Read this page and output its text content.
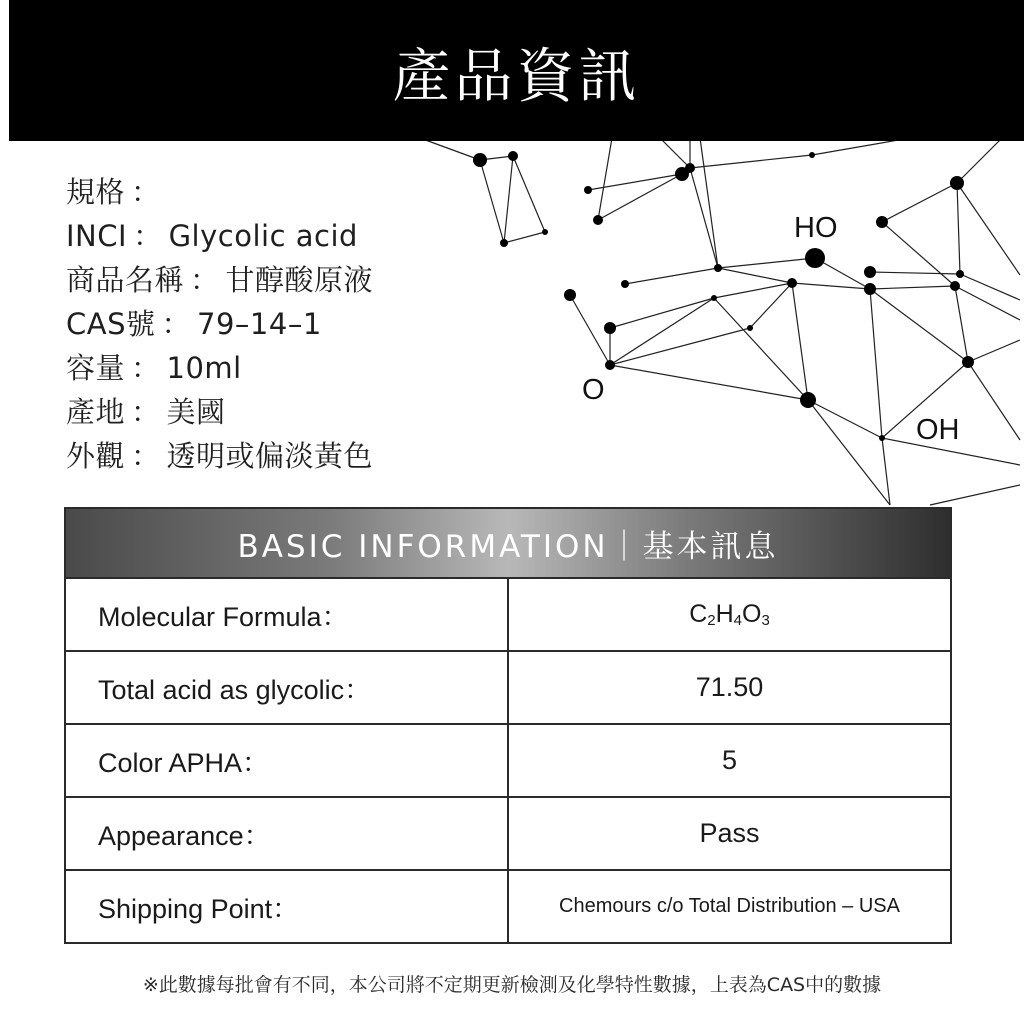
HO
O
OH
產品資訊
規格 ：
INCI ： Glycolic acid
商品名稱 ： 甘醇酸原液
CAS號 ： 79–14–1
容量 ： 10ml
產地 ： 美國
外觀 ： 透明或偏淡黃色
BASIC INFORMATION｜基本訊息	
Molecular Formula：	$C_2H_4O_3$
Total acid as glycolic：	71.50
Color APHA：	5
Appearance：	Pass
Shipping Point：	Chemours c/o Total Distribution – USA
※此數據每批會有不同，本公司將不定期更新檢測及化學特性數據，上表為CAS中的數據
